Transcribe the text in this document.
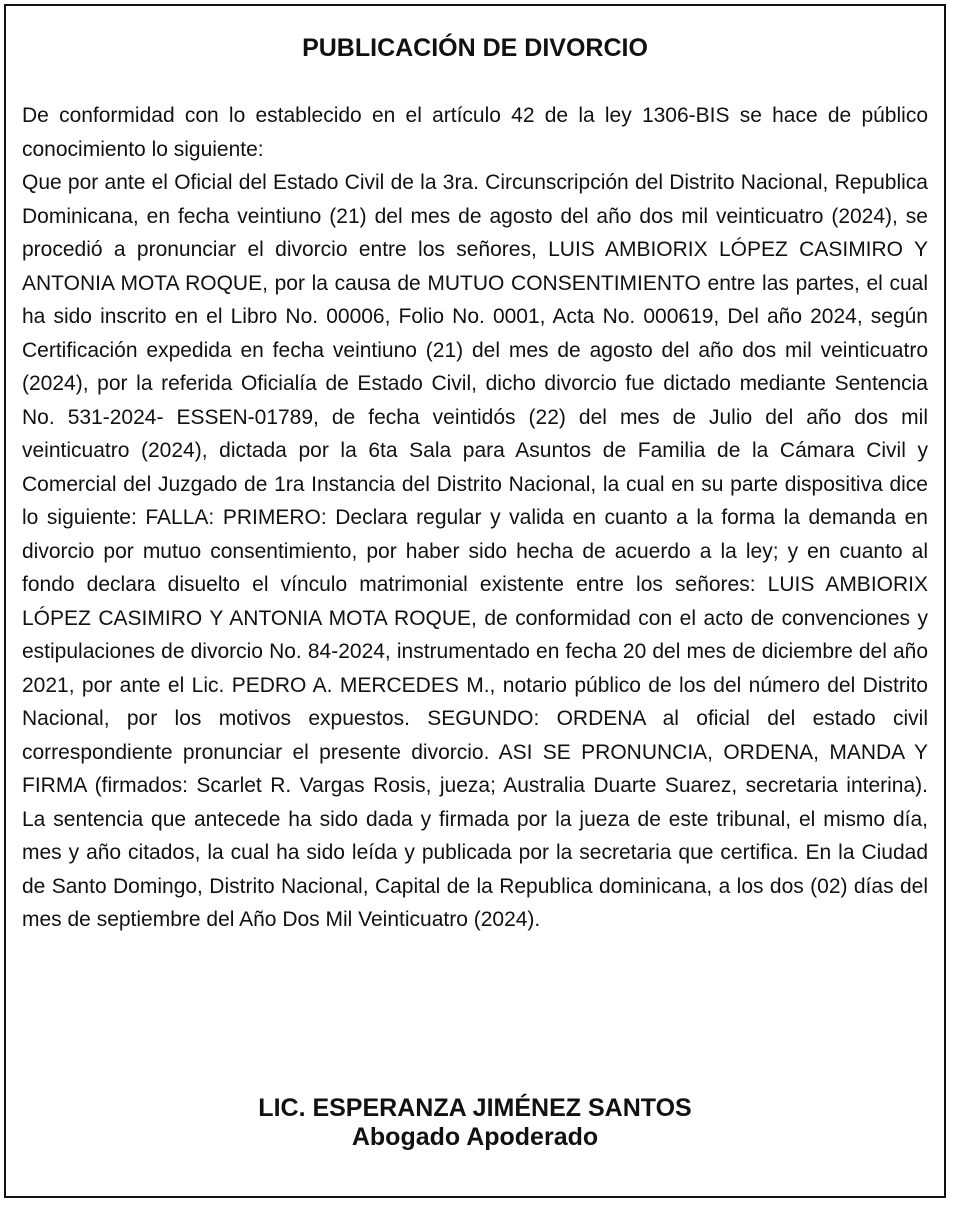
PUBLICACIÓN DE DIVORCIO

De conformidad con lo establecido en el artículo 42 de la ley 1306-BIS se hace de público conocimiento lo siguiente:

Que por ante el Oficial del Estado Civil de la 3ra. Circunscripción del Distrito Nacional, Republica Dominicana, en fecha veintiuno (21) del mes de agosto del año dos mil veinticuatro (2024), se procedió a pronunciar el divorcio entre los señores, LUIS AMBIORIX LÓPEZ CASIMIRO Y ANTONIA MOTA ROQUE, por la causa de MUTUO CONSENTIMIENTO entre las partes, el cual ha sido inscrito en el Libro No. 00006, Folio No. 0001, Acta No. 000619, Del año 2024, según Certificación expedida en fecha veintiuno (21) del mes de agosto del año dos mil veinticuatro (2024), por la referida Oficialía de Estado Civil, dicho divorcio fue dictado mediante Sentencia No. 531-2024- ESSEN-01789, de fecha veintidós (22) del mes de Julio del año dos mil veinticuatro (2024), dictada por la 6ta Sala para Asuntos de Familia de la Cámara Civil y Comercial del Juzgado de 1ra Instancia del Distrito Nacional, la cual en su parte dispositiva dice lo siguiente: FALLA: PRIMERO: Declara regular y valida en cuanto a la forma la demanda en divorcio por mutuo consentimiento, por haber sido hecha de acuerdo a la ley; y en cuanto al fondo declara disuelto el vínculo matrimonial existente entre los señores: LUIS AMBIORIX LÓPEZ CASIMIRO Y ANTONIA MOTA ROQUE, de conformidad con el acto de convenciones y estipulaciones de divorcio No. 84-2024, instrumentado en fecha 20 del mes de diciembre del año 2021, por ante el Lic. PEDRO A. MERCEDES M., notario público de los del número del Distrito Nacional, por los motivos expuestos. SEGUNDO: ORDENA al oficial del estado civil correspondiente pronunciar el presente divorcio. ASI SE PRONUNCIA, ORDENA, MANDA Y FIRMA (firmados: Scarlet R. Vargas Rosis, jueza; Australia Duarte Suarez, secretaria interina). La sentencia que antecede ha sido dada y firmada por la jueza de este tribunal, el mismo día, mes y año citados, la cual ha sido leída y publicada por la secretaria que certifica. En la Ciudad de Santo Domingo, Distrito Nacional, Capital de la Republica dominicana, a los dos (02) días del mes de septiembre del Año Dos Mil Veinticuatro (2024).

LIC. ESPERANZA JIMÉNEZ SANTOS
Abogado Apoderado
